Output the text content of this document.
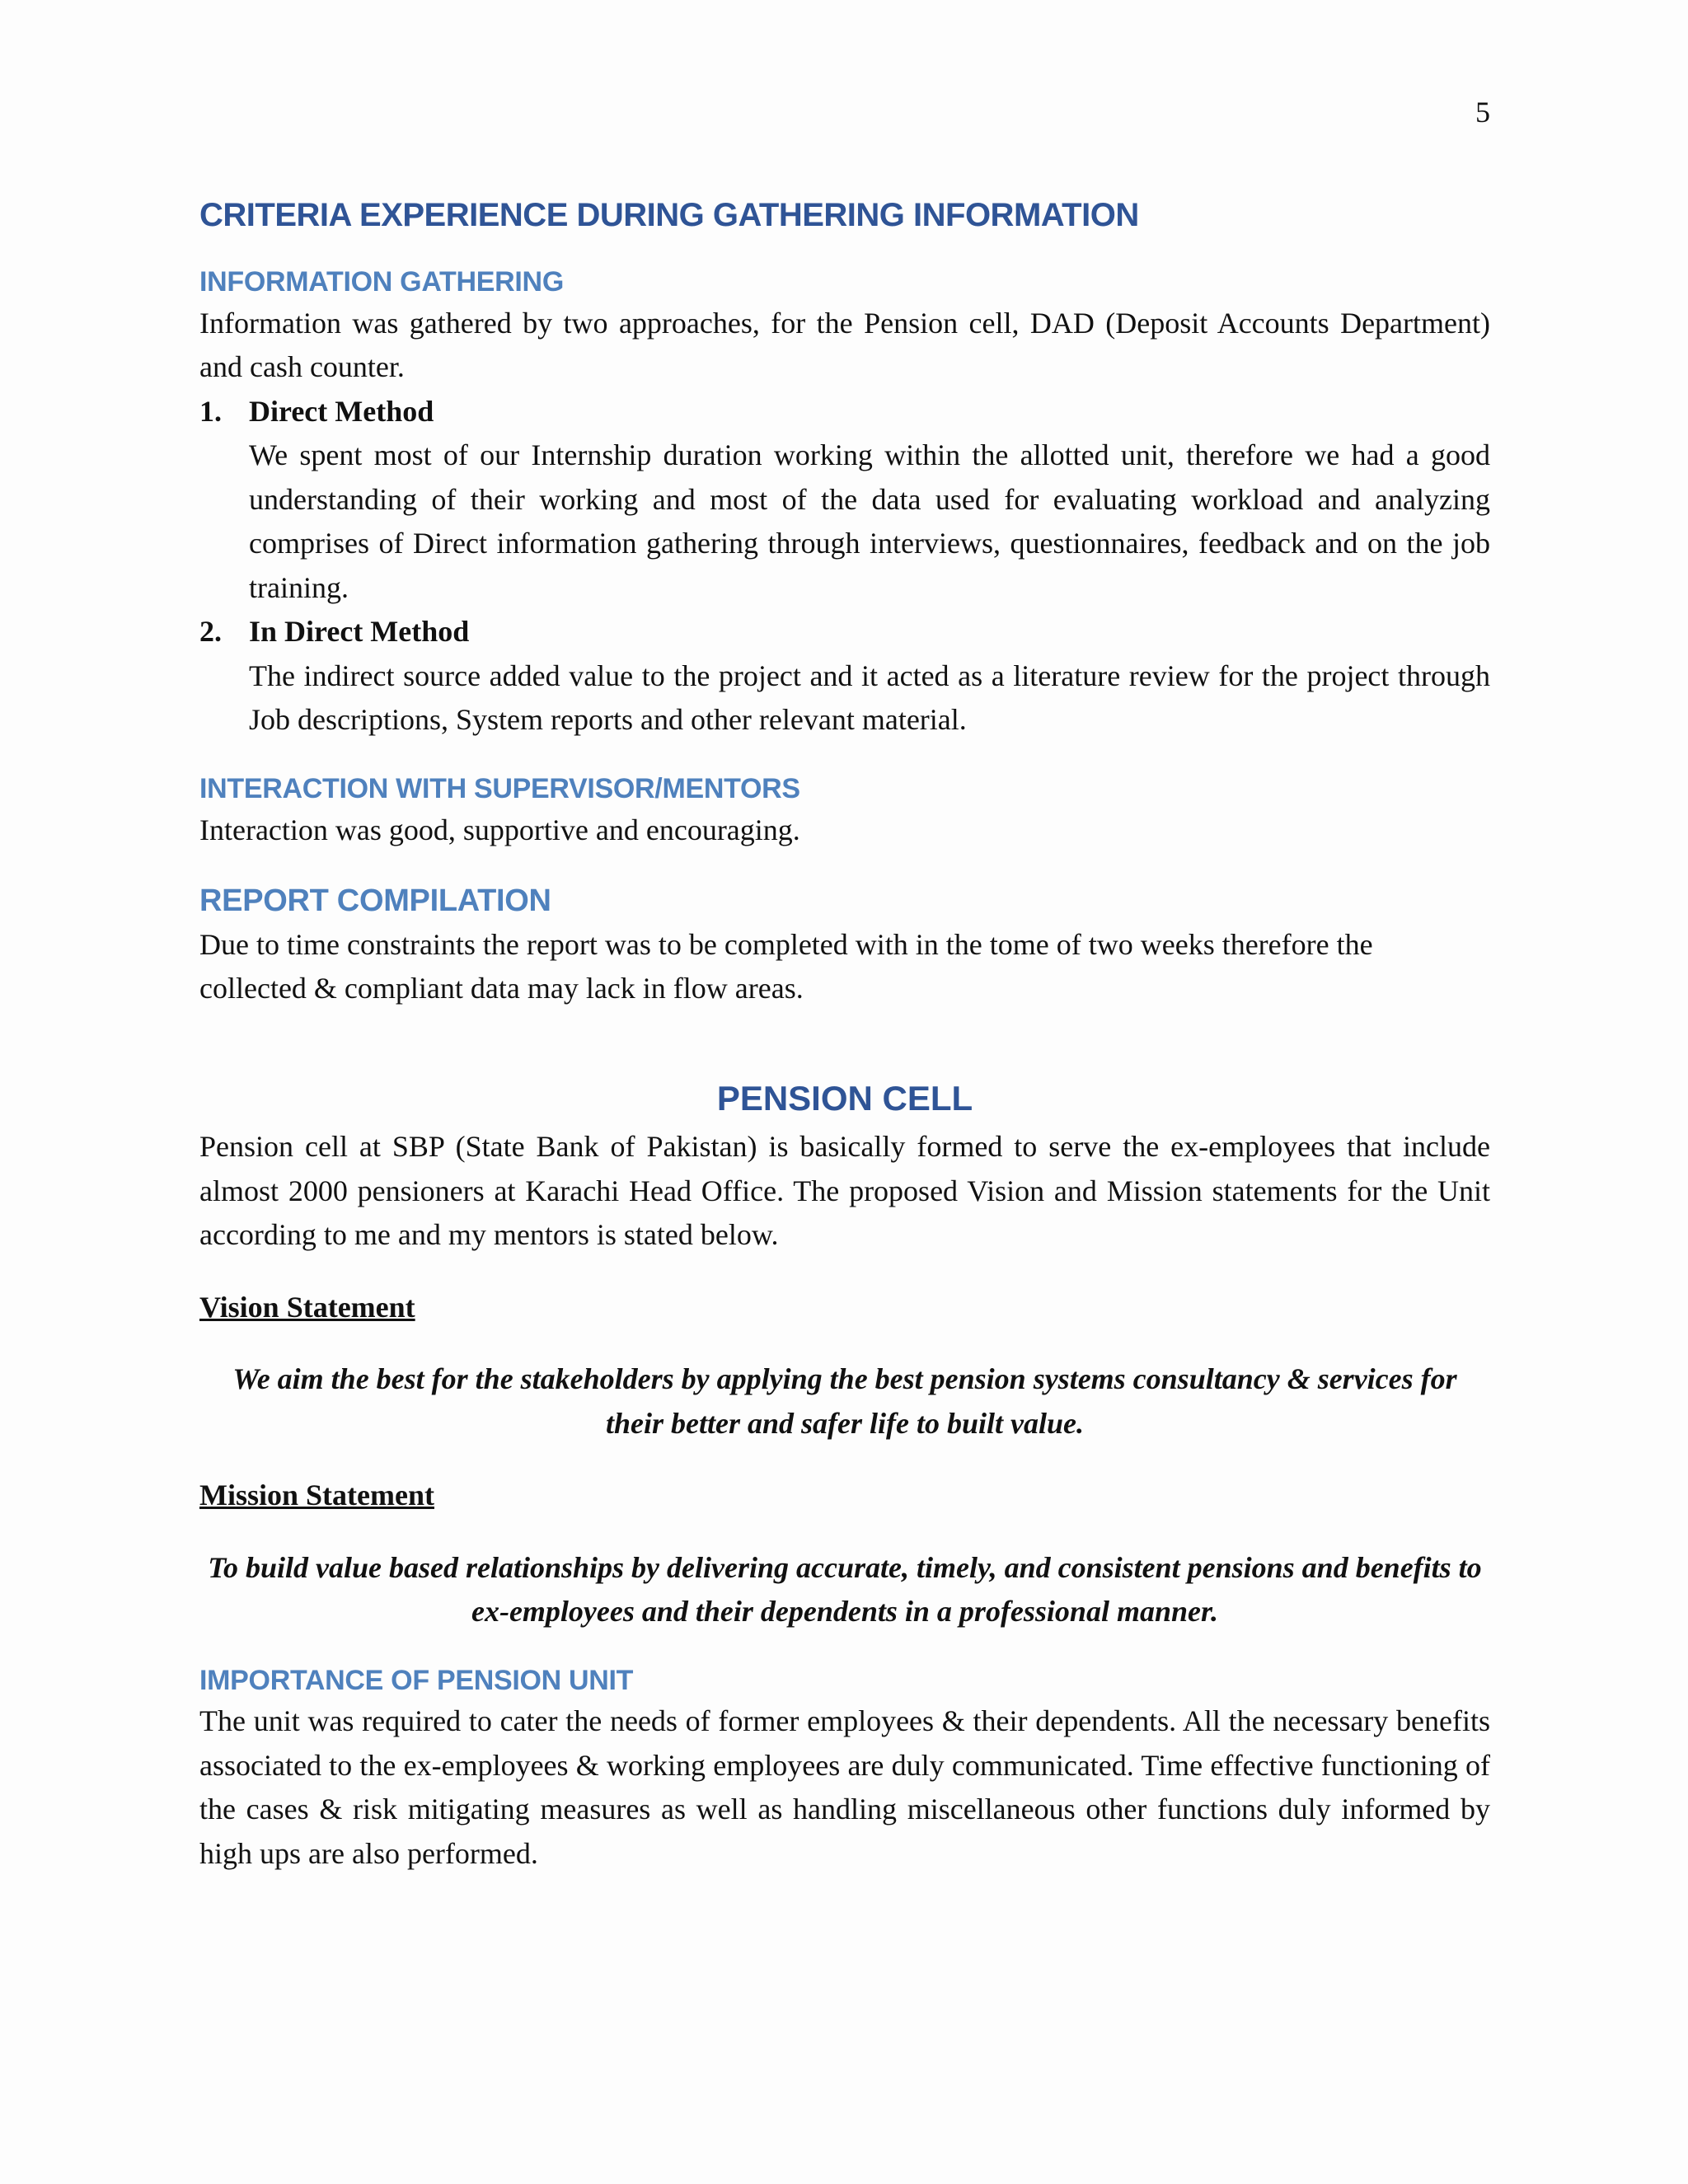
5
CRITERIA EXPERIENCE DURING GATHERING INFORMATION
INFORMATION GATHERING

Information was gathered by two approaches, for the Pension cell, DAD (Deposit Accounts Department) and cash counter.

1. Direct Method

We spent most of our Internship duration working within the allotted unit, therefore we had a good understanding of their working and most of the data used for evaluating workload and analyzing comprises of Direct information gathering through interviews, questionnaires, feedback and on the job training.

2. In Direct Method

The indirect source added value to the project and it acted as a literature review for the project through Job descriptions, System reports and other relevant material.

INTERACTION WITH SUPERVISOR/MENTORS

Interaction was good, supportive and encouraging.

REPORT COMPILATION

Due to time constraints the report was to be completed with in the tome of two weeks therefore the collected & compliant data may lack in flow areas.

PENSION CELL

Pension cell at SBP (State Bank of Pakistan) is basically formed to serve the ex-employees that include almost 2000 pensioners at Karachi Head Office. The proposed Vision and Mission statements for the Unit according to me and my mentors is stated below.

Vision Statement
We aim the best for the stakeholders by applying the best pension systems consultancy & services for their better and safer life to built value.
Mission Statement
To build value based relationships by delivering accurate, timely, and consistent pensions and benefits to ex-employees and their dependents in a professional manner.
IMPORTANCE OF PENSION UNIT

The unit was required to cater the needs of former employees & their dependents. All the necessary benefits associated to the ex-employees & working employees are duly communicated. Time effective functioning of the cases & risk mitigating measures as well as handling miscellaneous other functions duly informed by high ups are also performed.
